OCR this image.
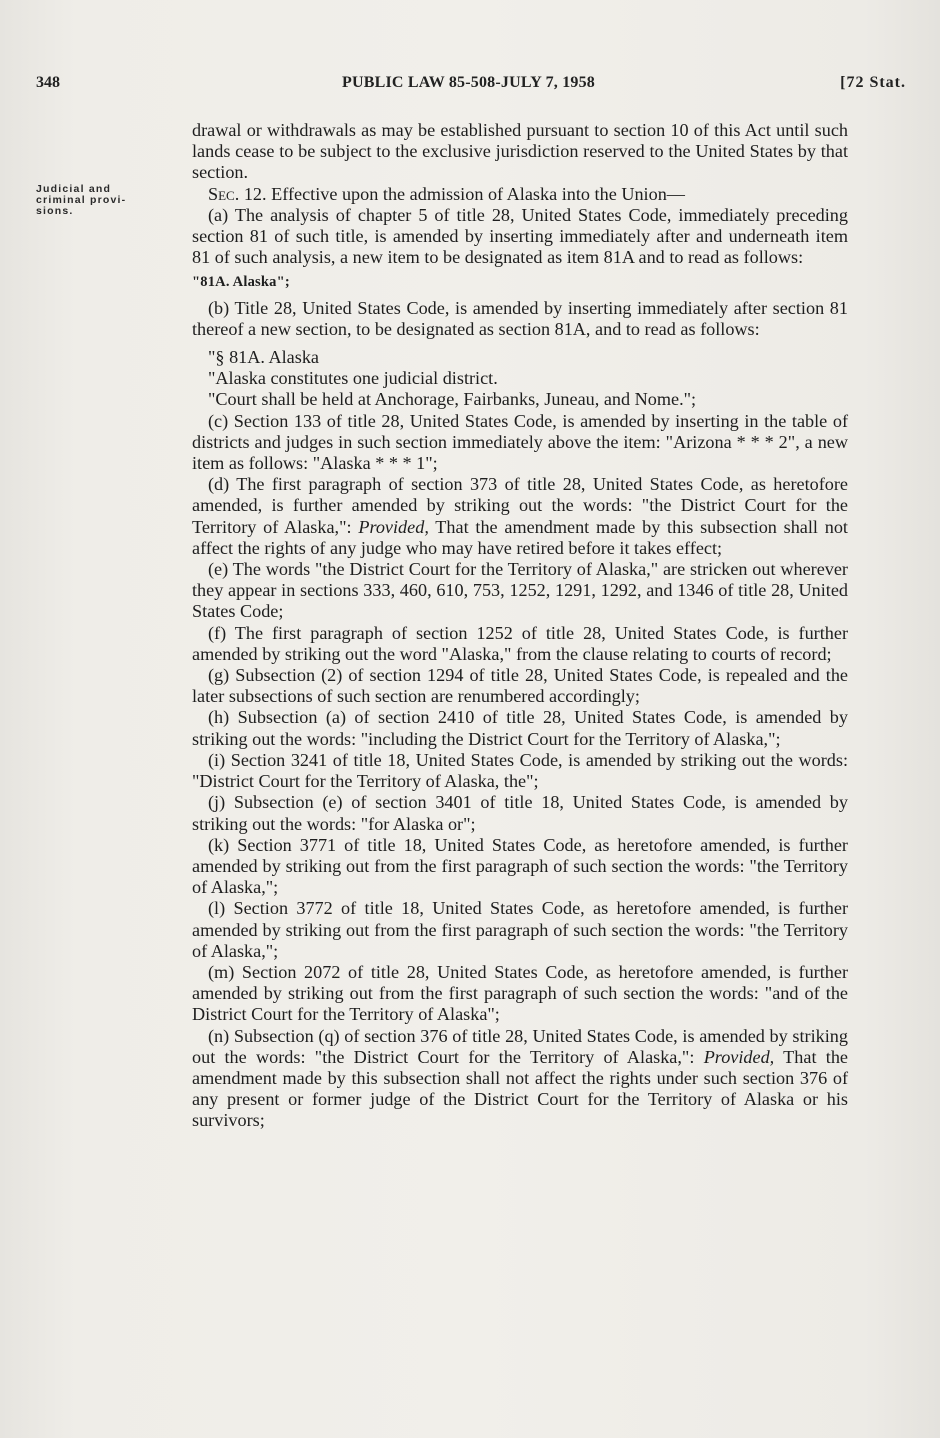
348	PUBLIC LAW 85-508-JULY 7, 1958	[72 Stat.
Judicial and
criminal provi-
sions.

drawal or withdrawals as may be established pursuant to section 10 of this Act until such lands cease to be subject to the exclusive jurisdiction reserved to the United States by that section.

Sec. 12. Effective upon the admission of Alaska into the Union—

(a) The analysis of chapter 5 of title 28, United States Code, immediately preceding section 81 of such title, is amended by inserting immediately after and underneath item 81 of such analysis, a new item to be designated as item 81A and to read as follows:

"81A. Alaska";

(b) Title 28, United States Code, is amended by inserting immediately after section 81 thereof a new section, to be designated as section 81A, and to read as follows:

"§ 81A. Alaska

"Alaska constitutes one judicial district.

"Court shall be held at Anchorage, Fairbanks, Juneau, and Nome.";

(c) Section 133 of title 28, United States Code, is amended by inserting in the table of districts and judges in such section immediately above the item: "Arizona * * * 2", a new item as follows: "Alaska * * * 1";

(d) The first paragraph of section 373 of title 28, United States Code, as heretofore amended, is further amended by striking out the words: "the District Court for the Territory of Alaska,": Provided, That the amendment made by this subsection shall not affect the rights of any judge who may have retired before it takes effect;

(e) The words "the District Court for the Territory of Alaska," are stricken out wherever they appear in sections 333, 460, 610, 753, 1252, 1291, 1292, and 1346 of title 28, United States Code;

(f) The first paragraph of section 1252 of title 28, United States Code, is further amended by striking out the word "Alaska," from the clause relating to courts of record;

(g) Subsection (2) of section 1294 of title 28, United States Code, is repealed and the later subsections of such section are renumbered accordingly;

(h) Subsection (a) of section 2410 of title 28, United States Code, is amended by striking out the words: "including the District Court for the Territory of Alaska,";

(i) Section 3241 of title 18, United States Code, is amended by striking out the words: "District Court for the Territory of Alaska, the";

(j) Subsection (e) of section 3401 of title 18, United States Code, is amended by striking out the words: "for Alaska or";

(k) Section 3771 of title 18, United States Code, as heretofore amended, is further amended by striking out from the first paragraph of such section the words: "the Territory of Alaska,";

(l) Section 3772 of title 18, United States Code, as heretofore amended, is further amended by striking out from the first paragraph of such section the words: "the Territory of Alaska,";

(m) Section 2072 of title 28, United States Code, as heretofore amended, is further amended by striking out from the first paragraph of such section the words: "and of the District Court for the Territory of Alaska";

(n) Subsection (q) of section 376 of title 28, United States Code, is amended by striking out the words: "the District Court for the Territory of Alaska,": Provided, That the amendment made by this subsection shall not affect the rights under such section 376 of any present or former judge of the District Court for the Territory of Alaska or his survivors;
